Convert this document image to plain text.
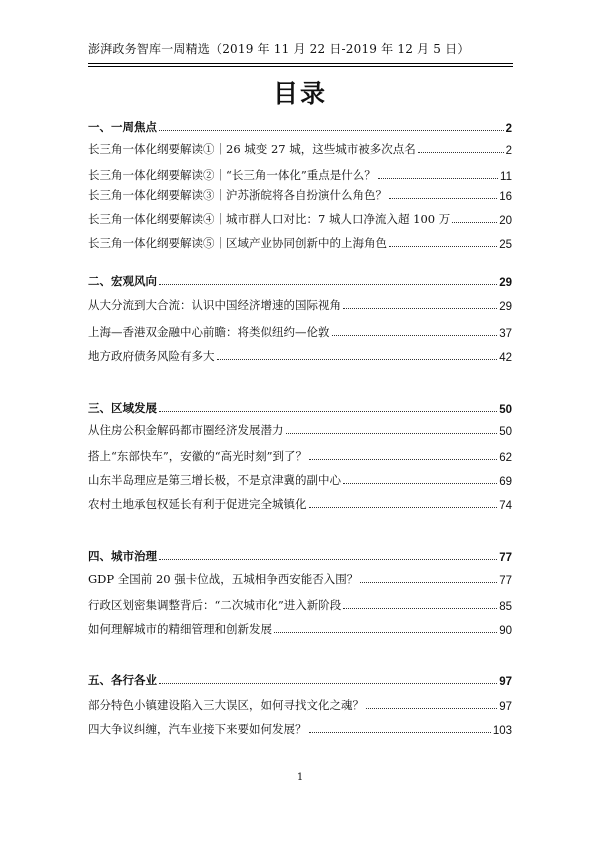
澎湃政务智库一周精选（2019 年 11 月 22 日-2019 年 12 月 5 日）
目录
一、一周焦点	2
长三角一体化纲要解读①｜26 城变 27 城，这些城市被多次点名	2
长三角一体化纲要解读②｜“长三角一体化”重点是什么？	11
长三角一体化纲要解读③｜沪苏浙皖将各自扮演什么角色？	16
长三角一体化纲要解读④｜城市群人口对比：7 城人口净流入超 100 万	20
长三角一体化纲要解读⑤｜区域产业协同创新中的上海角色	25
二、宏观风向	29
从大分流到大合流：认识中国经济增速的国际视角	29
上海—香港双金融中心前瞻：将类似纽约—伦敦	37
地方政府债务风险有多大	42
三、区域发展	50
从住房公积金解码都市圈经济发展潜力	50
搭上“东部快车”，安徽的“高光时刻”到了？	62
山东半岛理应是第三增长极，不是京津冀的副中心	69
农村土地承包权延长有利于促进完全城镇化	74
四、城市治理	77
GDP 全国前 20 强卡位战，五城相争西安能否入围？	77
行政区划密集调整背后：“二次城市化”进入新阶段	85
如何理解城市的精细管理和创新发展	90
五、各行各业	97
部分特色小镇建设陷入三大误区，如何寻找文化之魂？	97
四大争议纠缠，汽车业接下来要如何发展？	103
1
